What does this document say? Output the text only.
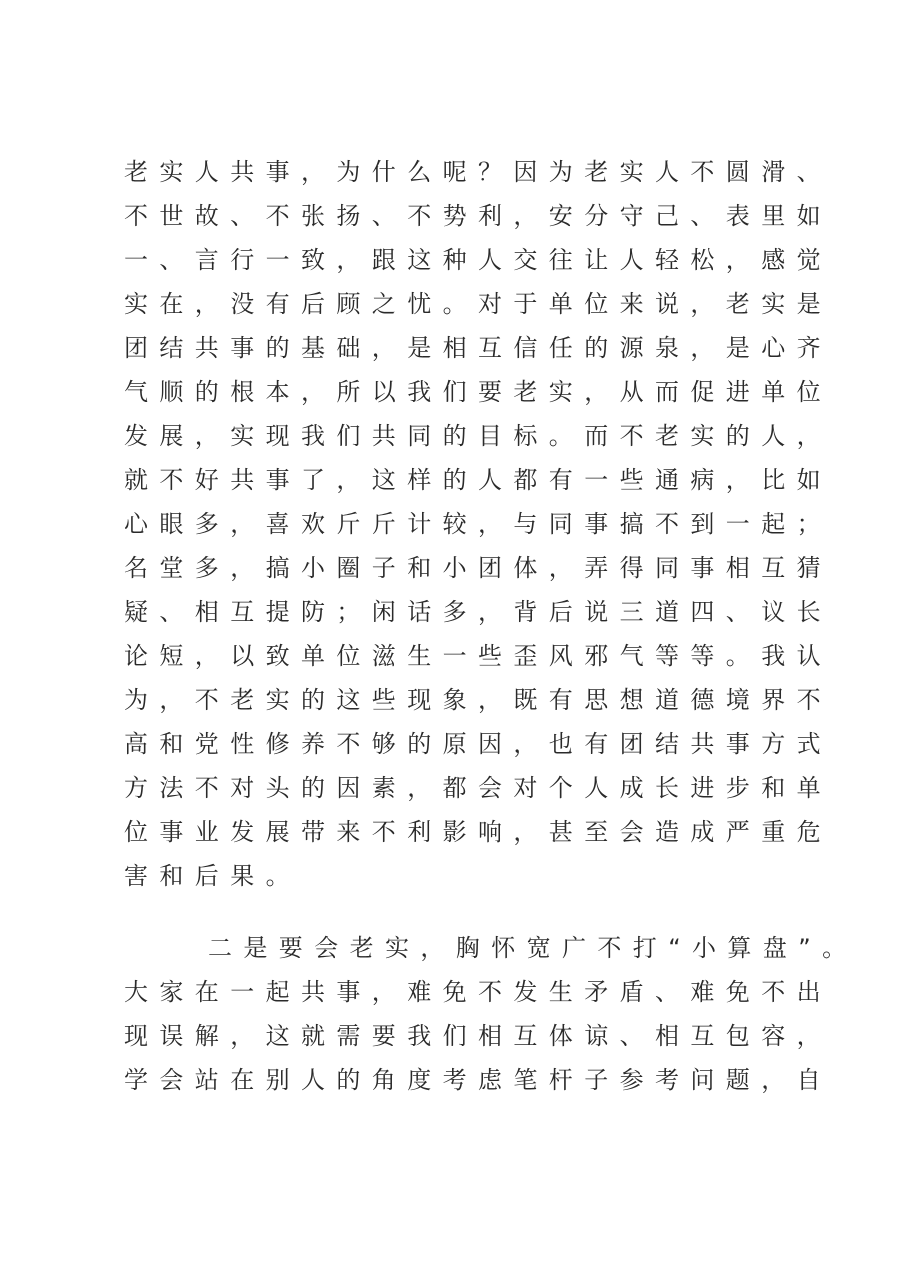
老实人共事，为什么呢？因为老实人不圆滑、
不世故、不张扬、不势利，安分守己、表里如
一、言行一致，跟这种人交往让人轻松，感觉
实在，没有后顾之忧。对于单位来说，老实是
团结共事的基础，是相互信任的源泉，是心齐
气顺的根本，所以我们要老实，从而促进单位
发展，实现我们共同的目标。而不老实的人，
就不好共事了，这样的人都有一些通病，比如
心眼多，喜欢斤斤计较，与同事搞不到一起；
名堂多，搞小圈子和小团体，弄得同事相互猜
疑、相互提防；闲话多，背后说三道四、议长
论短，以致单位滋生一些歪风邪气等等。我认
为，不老实的这些现象，既有思想道德境界不
高和党性修养不够的原因，也有团结共事方式
方法不对头的因素，都会对个人成长进步和单
位事业发展带来不利影响，甚至会造成严重危
害和后果。
二是要会老实，胸怀宽广不打“小算盘”。
大家在一起共事，难免不发生矛盾、难免不出
现误解，这就需要我们相互体谅、相互包容，
学会站在别人的角度考虑笔杆子参考问题，自
